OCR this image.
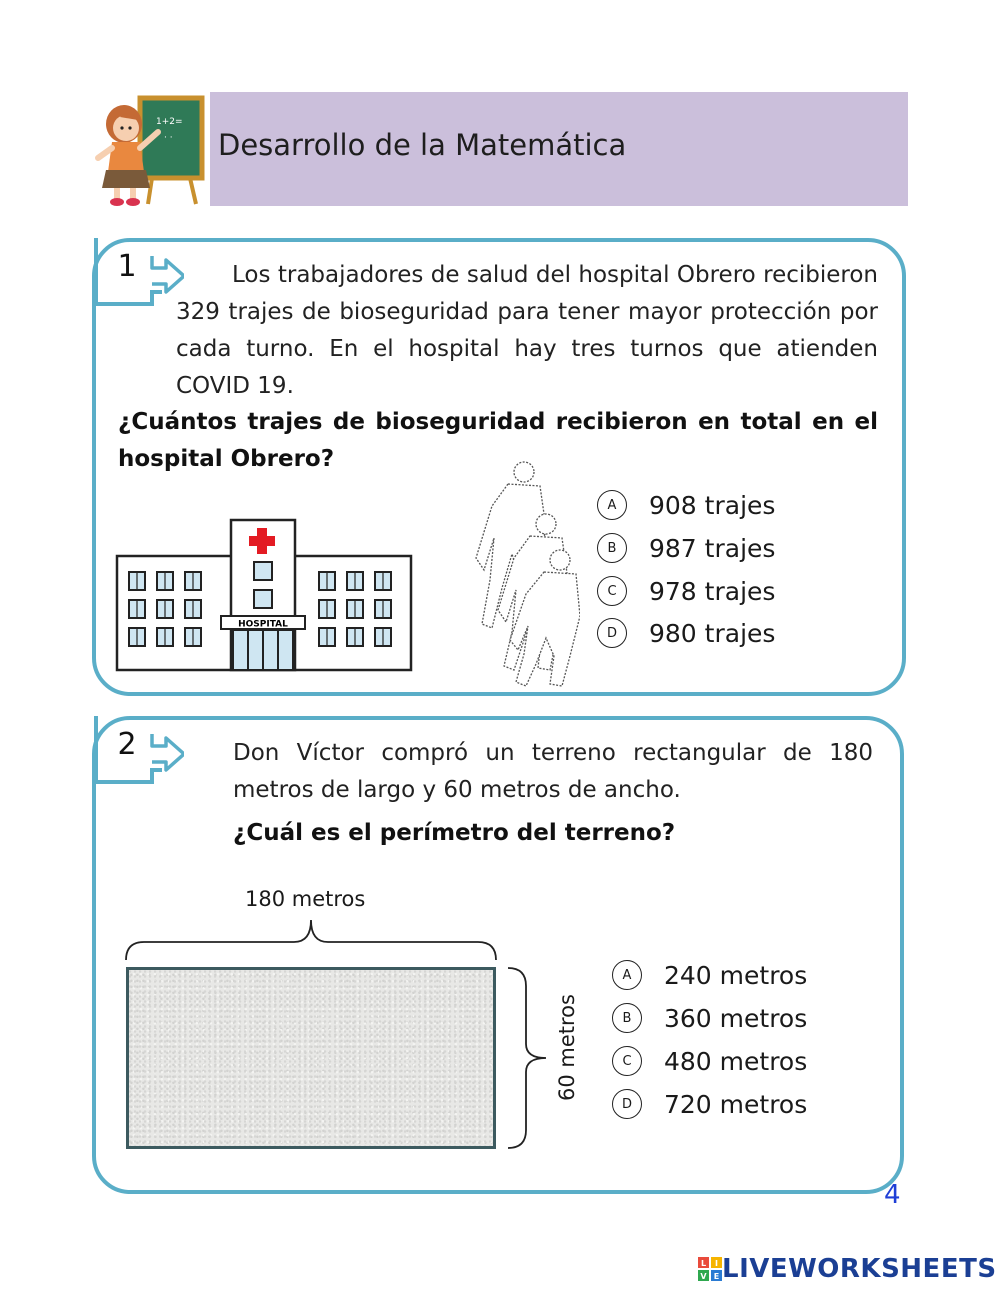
Desarrollo de la Matemática
1+2=
· ·
1	Los trabajadores de salud del hospital Obrero recibieron 329 trajes de bioseguridad para tener mayor protección por cada turno. En el hospital hay tres turnos que atienden COVID 19.
¿Cuántos trajes de bioseguridad recibieron en total en el hospital Obrero?
HOSPITAL
A	908 trajes
B	987 trajes
C	978 trajes
D	980 trajes
2	Don Víctor compró un terreno rectangular de 180 metros de largo y 60 metros de ancho.
¿Cuál es el perímetro del terreno?
180 metros
60 metros
A	240 metros
B	360 metros
C	480 metros
D	720 metros
4
L I
V E LIVEWORKSHEETS
